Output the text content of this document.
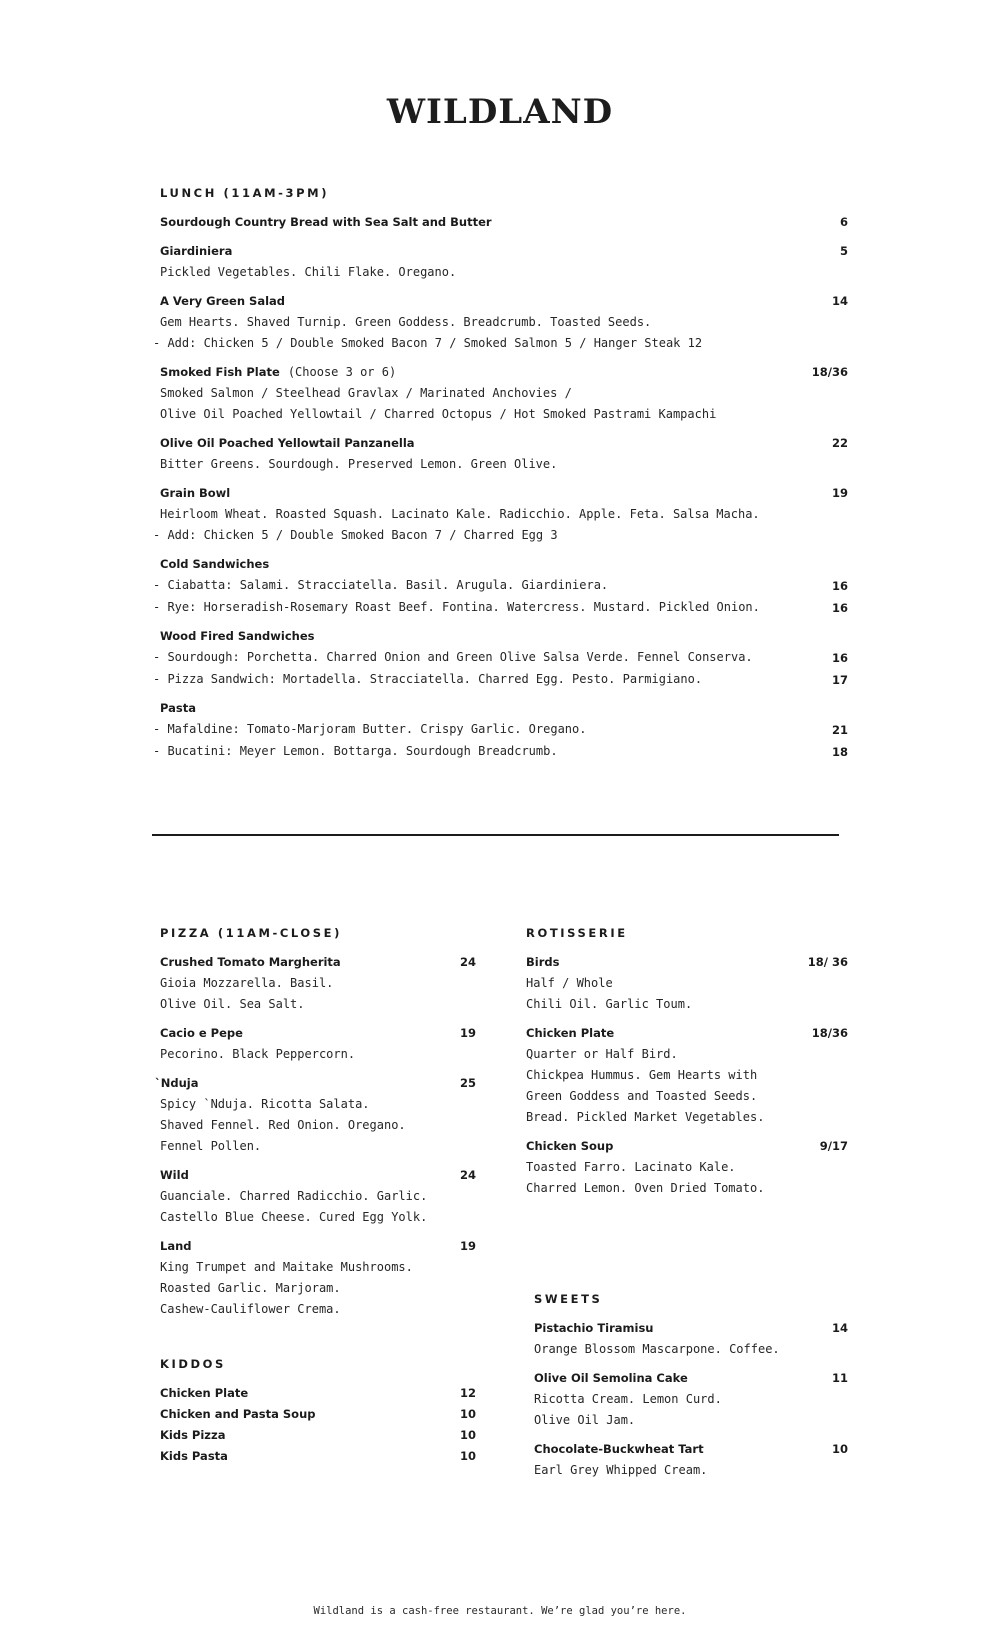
WILDLAND
LUNCH (11AM-3PM)
Sourdough Country Bread with Sea Salt and Butter	6
Giardiniera	5
Pickled Vegetables. Chili Flake. Oregano.
A Very Green Salad	14
Gem Hearts. Shaved Turnip. Green Goddess. Breadcrumb. Toasted Seeds.
- Add: Chicken 5 / Double Smoked Bacon 7 / Smoked Salmon 5 / Hanger Steak 12
Smoked Fish Plate (Choose 3 or 6)	18/36
Smoked Salmon / Steelhead Gravlax / Marinated Anchovies /
Olive Oil Poached Yellowtail / Charred Octopus / Hot Smoked Pastrami Kampachi
Olive Oil Poached Yellowtail Panzanella	22
Bitter Greens. Sourdough. Preserved Lemon. Green Olive.
Grain Bowl	19
Heirloom Wheat. Roasted Squash. Lacinato Kale. Radicchio. Apple. Feta. Salsa Macha.
- Add: Chicken 5 / Double Smoked Bacon 7 / Charred Egg 3
Cold Sandwiches
- Ciabatta: Salami. Stracciatella. Basil. Arugula. Giardiniera.	16
- Rye: Horseradish-Rosemary Roast Beef. Fontina. Watercress. Mustard. Pickled Onion.	16
Wood Fired Sandwiches
- Sourdough: Porchetta. Charred Onion and Green Olive Salsa Verde. Fennel Conserva.	16
- Pizza Sandwich: Mortadella. Stracciatella. Charred Egg. Pesto. Parmigiano.	17
Pasta
- Mafaldine: Tomato-Marjoram Butter. Crispy Garlic. Oregano.	21
- Bucatini: Meyer Lemon. Bottarga. Sourdough Breadcrumb.	18
PIZZA (11AM-CLOSE)
Crushed Tomato Margherita	24
Gioia Mozzarella. Basil.
Olive Oil. Sea Salt.
Cacio e Pepe	19
Pecorino. Black Peppercorn.
`Nduja	25
Spicy `Nduja. Ricotta Salata.
Shaved Fennel. Red Onion. Oregano.
Fennel Pollen.
Wild	24
Guanciale. Charred Radicchio. Garlic.
Castello Blue Cheese. Cured Egg Yolk.
Land	19
King Trumpet and Maitake Mushrooms.
Roasted Garlic. Marjoram.
Cashew-Cauliflower Crema.
KIDDOS
Chicken Plate	12
Chicken and Pasta Soup	10
Kids Pizza	10
Kids Pasta	10
ROTISSERIE
Birds	18/ 36
Half / Whole
Chili Oil. Garlic Toum.
Chicken Plate	18/36
Quarter or Half Bird.
Chickpea Hummus. Gem Hearts with
Green Goddess and Toasted Seeds.
Bread. Pickled Market Vegetables.
Chicken Soup	9/17
Toasted Farro. Lacinato Kale.
Charred Lemon. Oven Dried Tomato.
SWEETS
Pistachio Tiramisu	14
Orange Blossom Mascarpone. Coffee.
Olive Oil Semolina Cake	11
Ricotta Cream. Lemon Curd.
Olive Oil Jam.
Chocolate-Buckwheat Tart	10
Earl Grey Whipped Cream.
Wildland is a cash-free restaurant. We’re glad you’re here.
